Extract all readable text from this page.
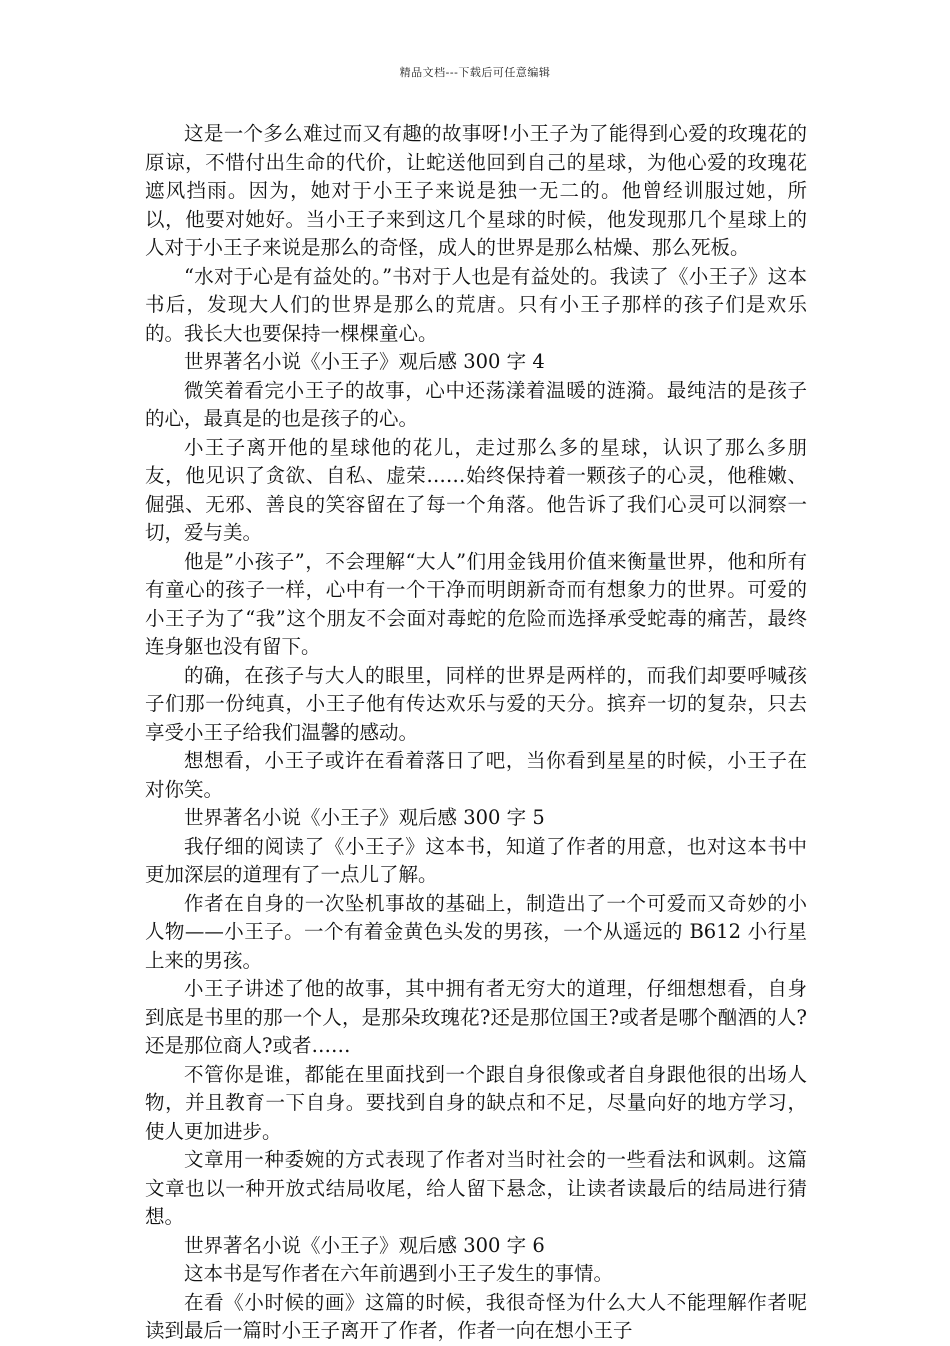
精品文档---下载后可任意编辑

这是一个多么难过而又有趣的故事呀!小王子为了能得到心爱的玫瑰花的原谅，不惜付出生命的代价，让蛇送他回到自己的星球，为他心爱的玫瑰花遮风挡雨。因为，她对于小王子来说是独一无二的。他曾经训服过她，所以，他要对她好。当小王子来到这几个星球的时候，他发现那几个星球上的人对于小王子来说是那么的奇怪，成人的世界是那么枯燥、那么死板。

“水对于心是有益处的。”书对于人也是有益处的。我读了《小王子》这本书后，发现大人们的世界是那么的荒唐。只有小王子那样的孩子们是欢乐的。我长大也要保持一棵棵童心。

世界著名小说《小王子》观后感 300 字 4

微笑着看完小王子的故事，心中还荡漾着温暖的涟漪。最纯洁的是孩子的心，最真是的也是孩子的心。

小王子离开他的星球他的花儿，走过那么多的星球，认识了那么多朋友，他见识了贪欲、自私、虚荣……始终保持着一颗孩子的心灵，他稚嫩、倔强、无邪、善良的笑容留在了每一个角落。他告诉了我们心灵可以洞察一切，爱与美。

他是”小孩子”，不会理解“大人”们用金钱用价值来衡量世界，他和所有有童心的孩子一样，心中有一个干净而明朗新奇而有想象力的世界。可爱的小王子为了“我”这个朋友不会面对毒蛇的危险而选择承受蛇毒的痛苦，最终连身躯也没有留下。

的确，在孩子与大人的眼里，同样的世界是两样的，而我们却要呼喊孩子们那一份纯真，小王子他有传达欢乐与爱的天分。摈弃一切的复杂，只去享受小王子给我们温馨的感动。

想想看，小王子或许在看着落日了吧，当你看到星星的时候，小王子在对你笑。

世界著名小说《小王子》观后感 300 字 5

我仔细的阅读了《小王子》这本书，知道了作者的用意，也对这本书中更加深层的道理有了一点儿了解。

作者在自身的一次坠机事故的基础上，制造出了一个可爱而又奇妙的小人物——小王子。一个有着金黄色头发的男孩，一个从遥远的 B612 小行星上来的男孩。

小王子讲述了他的故事，其中拥有者无穷大的道理，仔细想想看，自身到底是书里的那一个人，是那朵玫瑰花?还是那位国王?或者是哪个酗酒的人?还是那位商人?或者……

不管你是谁，都能在里面找到一个跟自身很像或者自身跟他很的出场人物，并且教育一下自身。要找到自身的缺点和不足，尽量向好的地方学习，使人更加进步。

文章用一种委婉的方式表现了作者对当时社会的一些看法和讽刺。这篇文章也以一种开放式结局收尾，给人留下悬念，让读者读最后的结局进行猜想。

世界著名小说《小王子》观后感 300 字 6

这本书是写作者在六年前遇到小王子发生的事情。

在看《小时候的画》这篇的时候，我很奇怪为什么大人不能理解作者呢读到最后一篇时小王子离开了作者，作者一向在想小王子
